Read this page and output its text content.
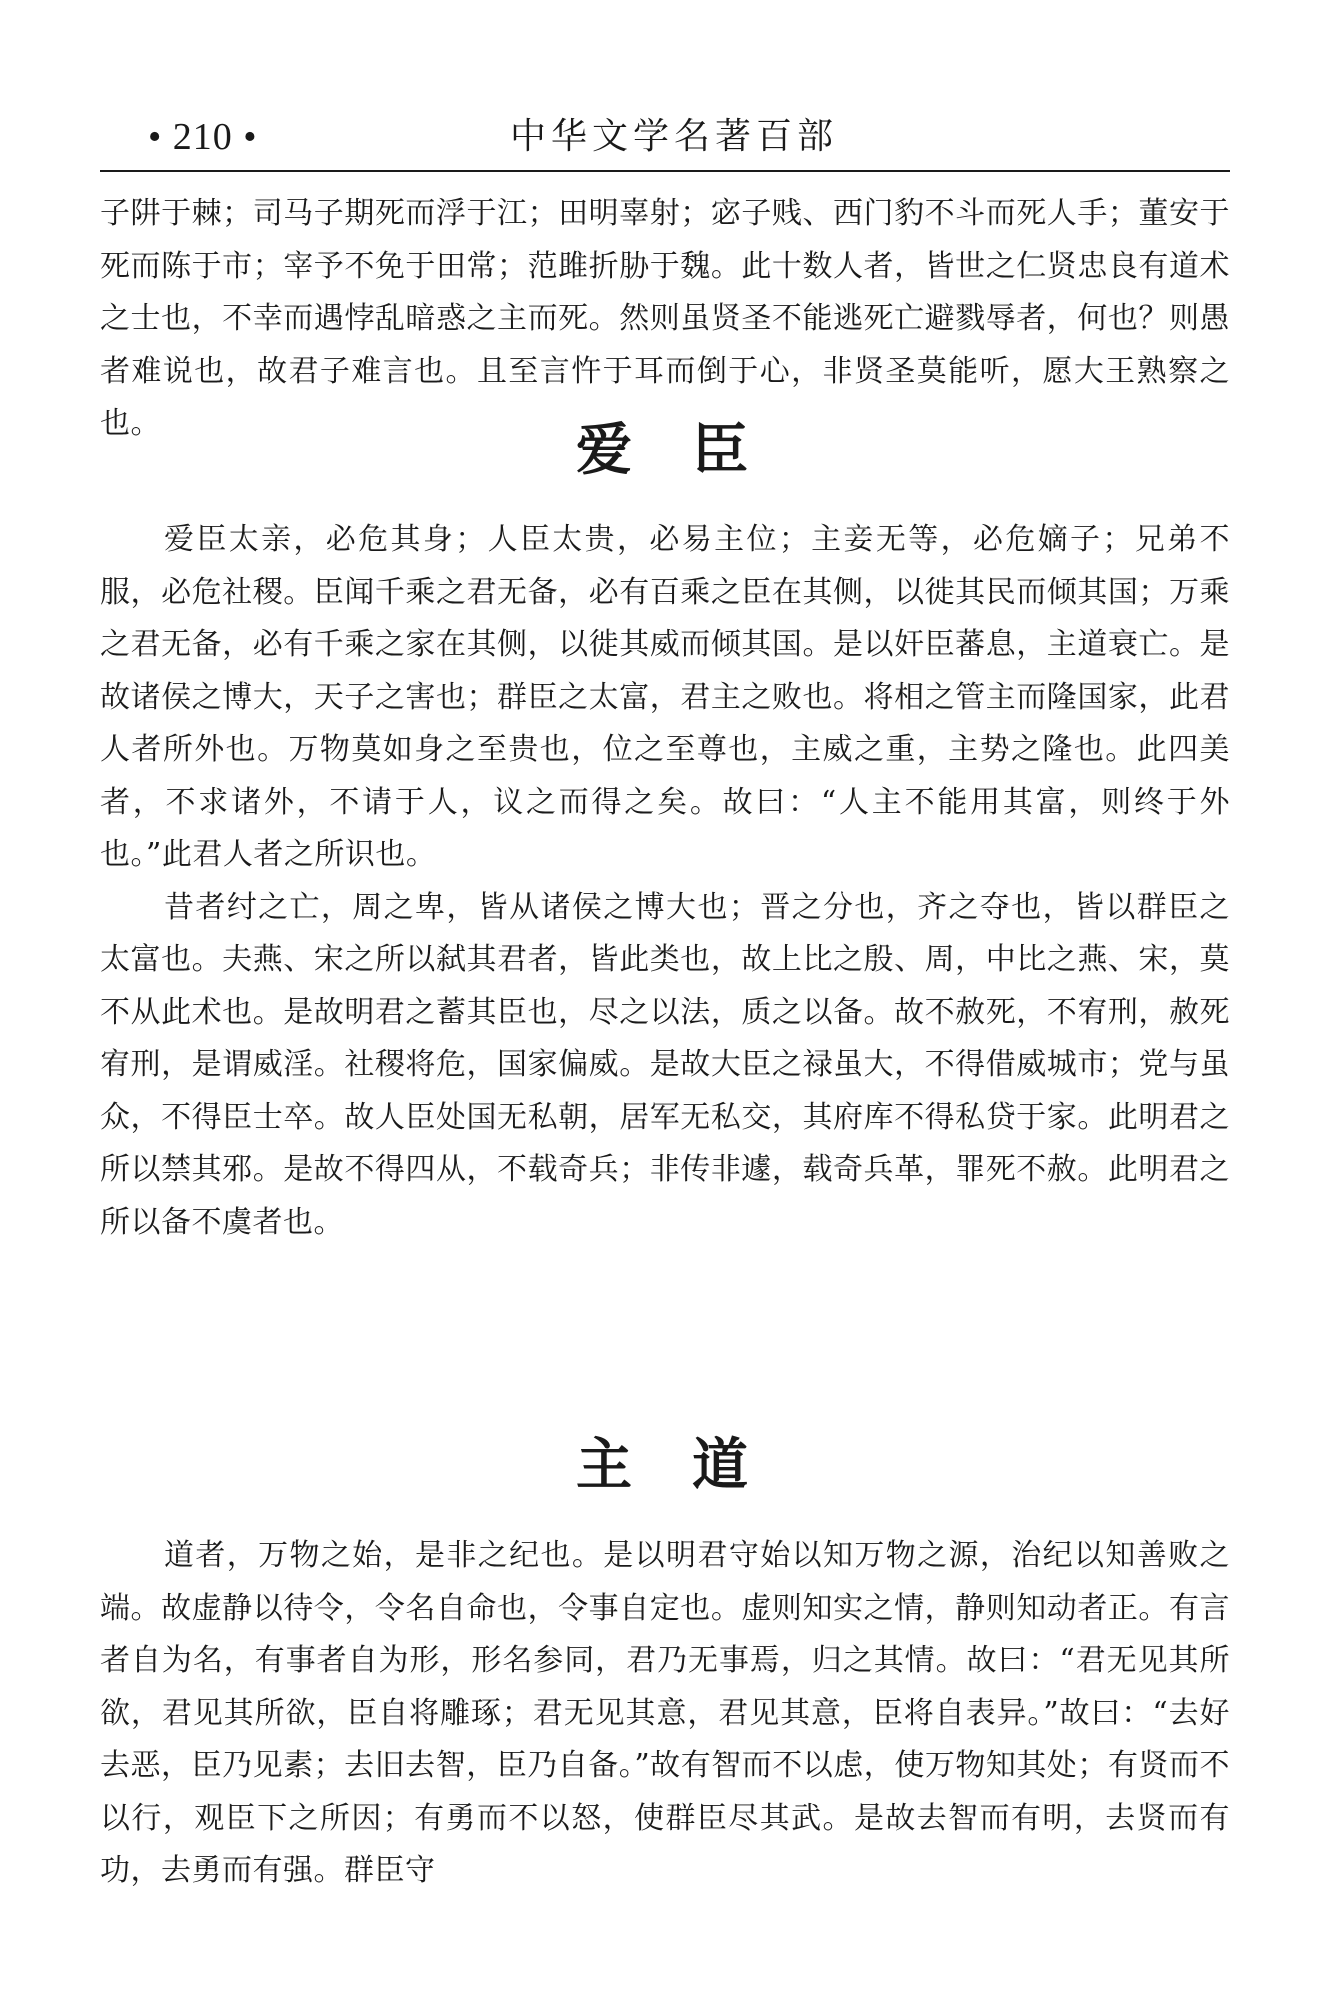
• 210 •	中华文学名著百部

子阱于棘；司马子期死而浮于江；田明辜射；宓子贱、西门豹不斗而死人手；董安于死而陈于市；宰予不免于田常；范雎折胁于魏。此十数人者，皆世之仁贤忠良有道术之士也，不幸而遇悖乱暗惑之主而死。然则虽贤圣不能逃死亡避戮辱者，何也？则愚者难说也，故君子难言也。且至言忤于耳而倒于心，非贤圣莫能听，愿大王熟察之也。	爱臣

爱臣太亲，必危其身；人臣太贵，必易主位；主妾无等，必危嫡子；兄弟不服，必危社稷。臣闻千乘之君无备，必有百乘之臣在其侧，以徙其民而倾其国；万乘之君无备，必有千乘之家在其侧，以徙其威而倾其国。是以奸臣蕃息，主道衰亡。是故诸侯之博大，天子之害也；群臣之太富，君主之败也。将相之管主而隆国家，此君人者所外也。万物莫如身之至贵也，位之至尊也，主威之重，主势之隆也。此四美者，不求诸外，不请于人，议之而得之矣。故曰：“人主不能用其富，则终于外也。”此君人者之所识也。

昔者纣之亡，周之卑，皆从诸侯之博大也；晋之分也，齐之夺也，皆以群臣之太富也。夫燕、宋之所以弑其君者，皆此类也，故上比之殷、周，中比之燕、宋，莫不从此术也。是故明君之蓄其臣也，尽之以法，质之以备。故不赦死，不宥刑，赦死宥刑，是谓威淫。社稷将危，国家偏威。是故大臣之禄虽大，不得借威城市；党与虽众，不得臣士卒。故人臣处国无私朝，居军无私交，其府库不得私贷于家。此明君之所以禁其邪。是故不得四从，不载奇兵；非传非遽，载奇兵革，罪死不赦。此明君之所以备不虞者也。

主道

道者，万物之始，是非之纪也。是以明君守始以知万物之源，治纪以知善败之端。故虚静以待令，令名自命也，令事自定也。虚则知实之情，静则知动者正。有言者自为名，有事者自为形，形名参同，君乃无事焉，归之其情。故曰：“君无见其所欲，君见其所欲，臣自将雕琢；君无见其意，君见其意，臣将自表异。”故曰：“去好去恶，臣乃见素；去旧去智，臣乃自备。”故有智而不以虑，使万物知其处；有贤而不以行，观臣下之所因；有勇而不以怒，使群臣尽其武。是故去智而有明，去贤而有功，去勇而有强。群臣守
